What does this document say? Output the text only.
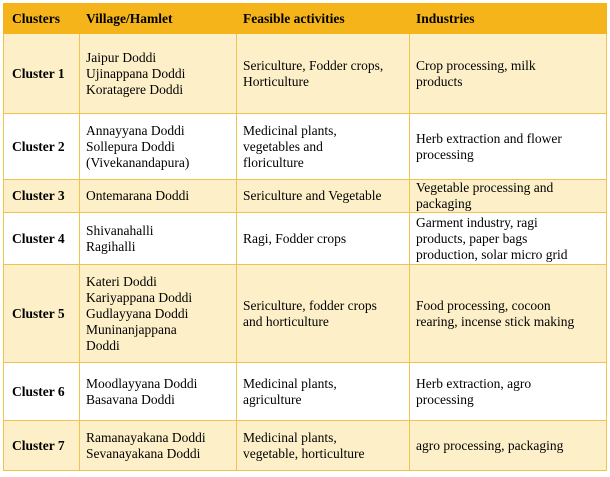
Clusters	Village/Hamlet	Feasible activities	Industries
Cluster 1	Jaipur Doddi
Ujinappana Doddi
Koratagere Doddi	Sericulture, Fodder crops,
Horticulture	Crop processing, milk
products

Cluster 2	Annayyana Doddi
Sollepura Doddi
(Vivekanandapura)	Medicinal plants,
vegetables and
floriculture	Herb extraction and flower
processing

Cluster 3	Ontemarana Doddi	Sericulture and Vegetable	Vegetable processing and
packaging

Cluster 4	Shivanahalli
Ragihalli	Ragi, Fodder crops	Garment industry, ragi
products, paper bags
production, solar micro grid

Cluster 5	Kateri Doddi
Kariyappana Doddi
Gudlayyana Doddi
Muninanjappana
Doddi	Sericulture, fodder crops
and horticulture	Food processing, cocoon
rearing, incense stick making

Cluster 6	Moodlayyana Doddi
Basavana Doddi	Medicinal plants,
agriculture	Herb extraction, agro
processing

Cluster 7	Ramanayakana Doddi
Sevanayakana Doddi	Medicinal plants,
vegetable, horticulture	agro processing, packaging
